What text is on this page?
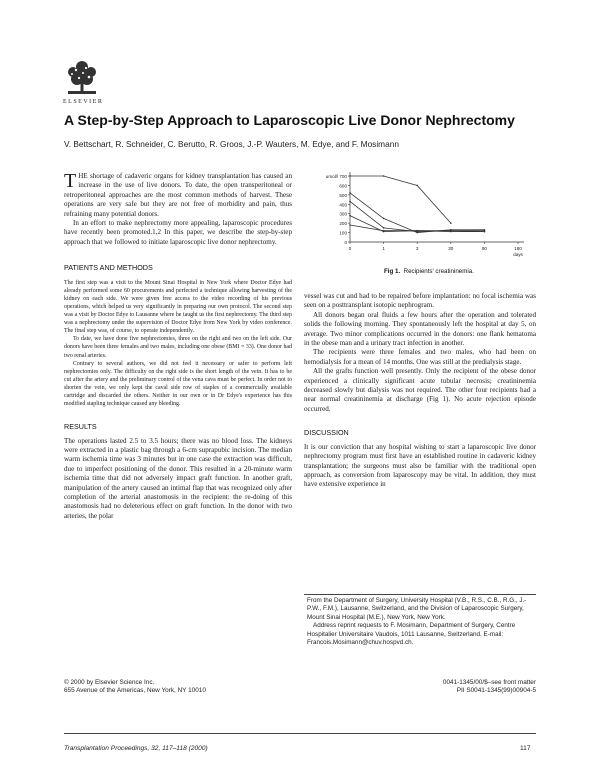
ELSEVIER
A Step-by-Step Approach to Laparoscopic Live Donor Nephrectomy
V. Bettschart, R. Schneider, C. Berutto, R. Groos, J.-P. Wauters, M. Edye, and F. Mosimann

THE shortage of cadaveric organs for kidney transplantation has caused an increase in the use of live donors. To date, the open transperitoneal or retroperitoneal approaches are the most common methods of harvest. These operations are very safe but they are not free of morbidity and pain, thus refraining many potential donors.

In an effort to make nephrectomy more appealing, laparoscopic procedures have recently been promoted.1,2 In this paper, we describe the step-by-step approach that we followed to initiate laparoscopic live donor nephrectomy.

PATIENTS AND METHODS

The first step was a visit to the Mount Sinai Hospital in New York where Doctor Edye had already performed some 60 procurements and perfected a technique allowing harvesting of the kidney on each side. We were given free access to the video recording of his previous operations, which helped us very significantly in preparing our own protocol. The second step was a visit by Doctor Edye to Lausanne where he taught us the first nephrectomy. The third step was a nephrectomy under the supervision of Doctor Edye from New York by video conference. The final step was, of course, to operate independently.

To date, we have done five nephrectomies, three on the right and two on the left side. Our donors have been three females and two males, including one obese (BMI = 33). One donor had two renal arteries.

Contrary to several authors, we did not feel it necessary or safer to perform left nephrectomies only. The difficulty on the right side is the short length of the vein. It has to be cut after the artery and the preliminary control of the vena cava must be perfect. In order not to shorten the vein, we only kept the caval side row of staples of a commercially available cartridge and discarded the others. Neither in our own or in Dr Edye's experience has this modified stapling technique caused any bleeding.

RESULTS

The operations lasted 2.5 to 3.5 hours; there was no blood loss. The kidneys were extracted in a plastic bag through a 6-cm suprapubic incision. The median warm ischemia time was 3 minutes but in one case the extraction was difficult, due to imperfect positioning of the donor. This resulted in a 20-minute warm ischemia time that did not adversely impact graft function. In another graft, manipulation of the artery caused an intimal flap that was recognized only after completion of the arterial anastomosis in the recipient: the re-doing of this anastomosis had no deleterious effect on graft function. In the donor with two arteries, the polar

umol/l 700
600
500
400
300
200
100
0
0	1	3	30	90	180
days
Fig 1. Recipients' creatininemia.

vessel was cut and had to be repaired before implantation: no focal ischemia was seen on a posttransplant isotopic nephrogram.

All donors began oral fluids a few hours after the operation and tolerated solids the following morning. They spontaneously left the hospital at day 5, on average. Two minor complications occurred in the donors: one flank hematoma in the obese man and a urinary tract infection in another.

The recipients were three females and two males, who had been on hemodialysis for a mean of 14 months. One was still at the predialysis stage.

All the grafts function well presently. Only the recipient of the obese donor experienced a clinically significant acute tubular necrosis; creatininemia decreased slowly but dialysis was not required. The other four recipients had a near normal creatininemia at discharge (Fig 1). No acute rejection episode occurred.

DISCUSSION

It is our conviction that any hospital wishing to start a laparoscopic live donor nephrectomy program must first have an established routine in cadaveric kidney transplantation; the surgeons must also be familiar with the traditional open approach, as conversion from laparoscopy may be vital. In addition, they must have extensive experience in

From the Department of Surgery, University Hospital (V.B., R.S., C.B., R.G., J.-P.W., F.M.), Lausanne, Switzerland, and the Division of Laparoscopic Surgery, Mount Sinai Hospital (M.E.), New York, New York.

Address reprint requests to F. Mosimann, Department of Surgery, Centre Hospitalier Universitaire Vaudois, 1011 Lausanne, Switzerland. E-mail: Francois.Mosimann@chuv.hospvd.ch.

© 2000 by Elsevier Science Inc.
655 Avenue of the Americas, New York, NY 10010
0041-1345/00/$–see front matter
PII S0041-1345(99)00904-5
Transplantation Proceedings, 32, 117–118 (2000)	117
